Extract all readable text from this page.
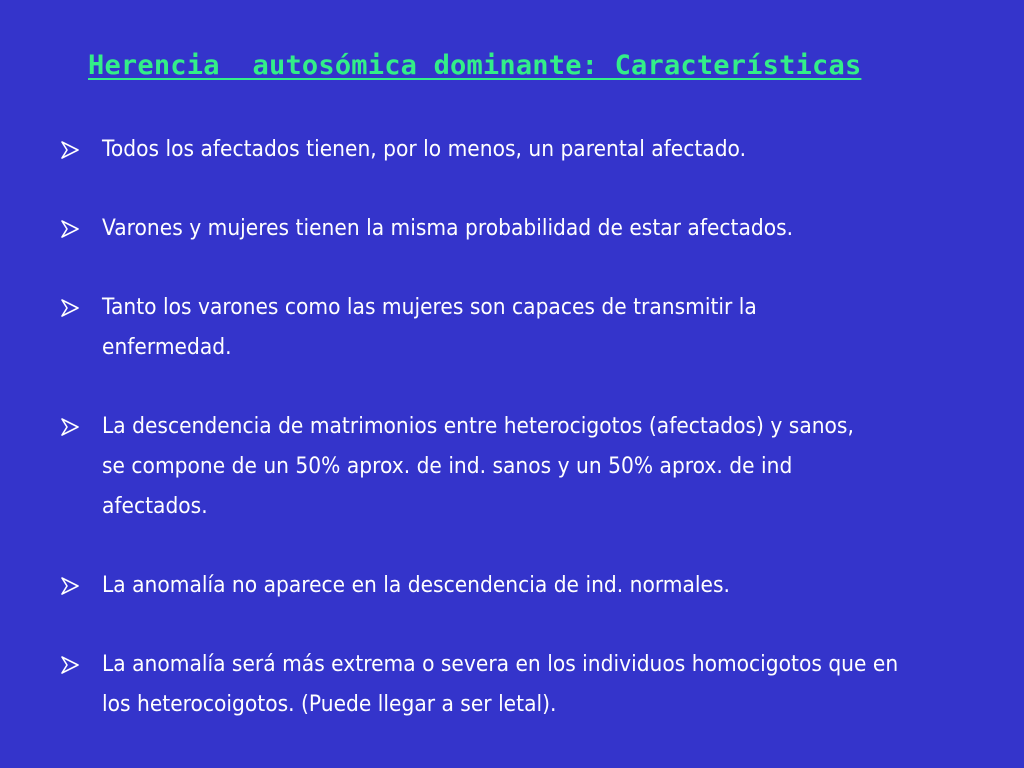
Herencia  autosómica dominante: Características
Todos los afectados tienen, por lo menos, un parental afectado.
Varones y mujeres tienen la misma probabilidad de estar afectados.
Tanto los varones como las mujeres son capaces de transmitir la
enfermedad.
La descendencia de matrimonios entre heterocigotos (afectados) y sanos,
se compone de un 50% aprox. de ind. sanos y un 50% aprox. de ind
afectados.
La anomalía no aparece en la descendencia de ind. normales.
La anomalía será más extrema o severa en los individuos homocigotos que en
los heterocoigotos. (Puede llegar a ser letal).
